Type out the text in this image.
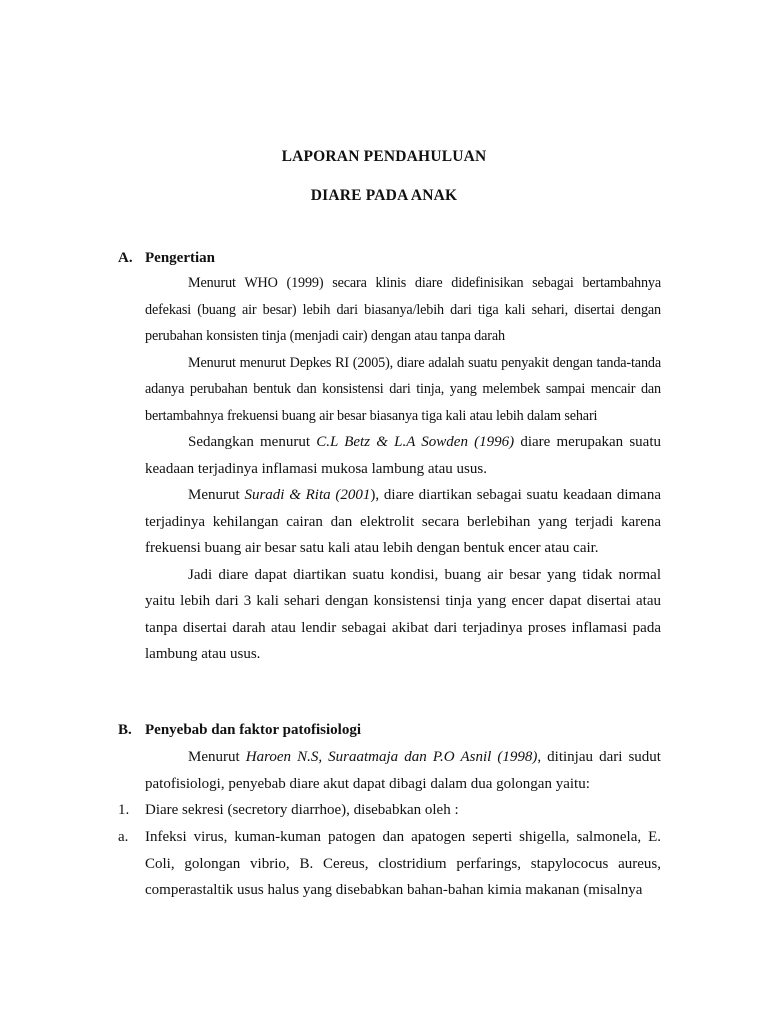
LAPORAN PENDAHULUAN
DIARE PADA ANAK
A. Pengertian

Menurut WHO (1999) secara klinis diare didefinisikan sebagai bertambahnya defekasi (buang air besar) lebih dari biasanya/lebih dari tiga kali sehari, disertai dengan perubahan konsisten tinja (menjadi cair) dengan atau tanpa darah

Menurut menurut Depkes RI (2005), diare adalah suatu penyakit dengan tanda-tanda adanya perubahan bentuk dan konsistensi dari tinja, yang melembek sampai mencair dan bertambahnya frekuensi buang air besar biasanya tiga kali atau lebih dalam sehari

Sedangkan menurut C.L Betz & L.A Sowden (1996) diare merupakan suatu keadaan terjadinya inflamasi mukosa lambung atau usus.

Menurut Suradi & Rita (2001), diare diartikan sebagai suatu keadaan dimana terjadinya kehilangan cairan dan elektrolit secara berlebihan yang terjadi karena frekuensi buang air besar satu kali atau lebih dengan bentuk encer atau cair.

Jadi diare dapat diartikan suatu kondisi, buang air besar yang tidak normal yaitu lebih dari 3 kali sehari dengan konsistensi tinja yang encer dapat disertai atau tanpa disertai darah atau lendir sebagai akibat dari terjadinya proses inflamasi pada lambung atau usus.

B. Penyebab dan faktor patofisiologi

Menurut Haroen N.S, Suraatmaja dan P.O Asnil (1998), ditinjau dari sudut patofisiologi, penyebab diare akut dapat dibagi dalam dua golongan yaitu:

1.	Diare sekresi (secretory diarrhoe), disebabkan oleh :
a.	Infeksi virus, kuman-kuman patogen dan apatogen seperti shigella, salmonela, E. Coli, golongan vibrio, B. Cereus, clostridium perfarings, stapylococus aureus, comperastaltik usus halus yang disebabkan bahan-bahan kimia makanan (misalnya
